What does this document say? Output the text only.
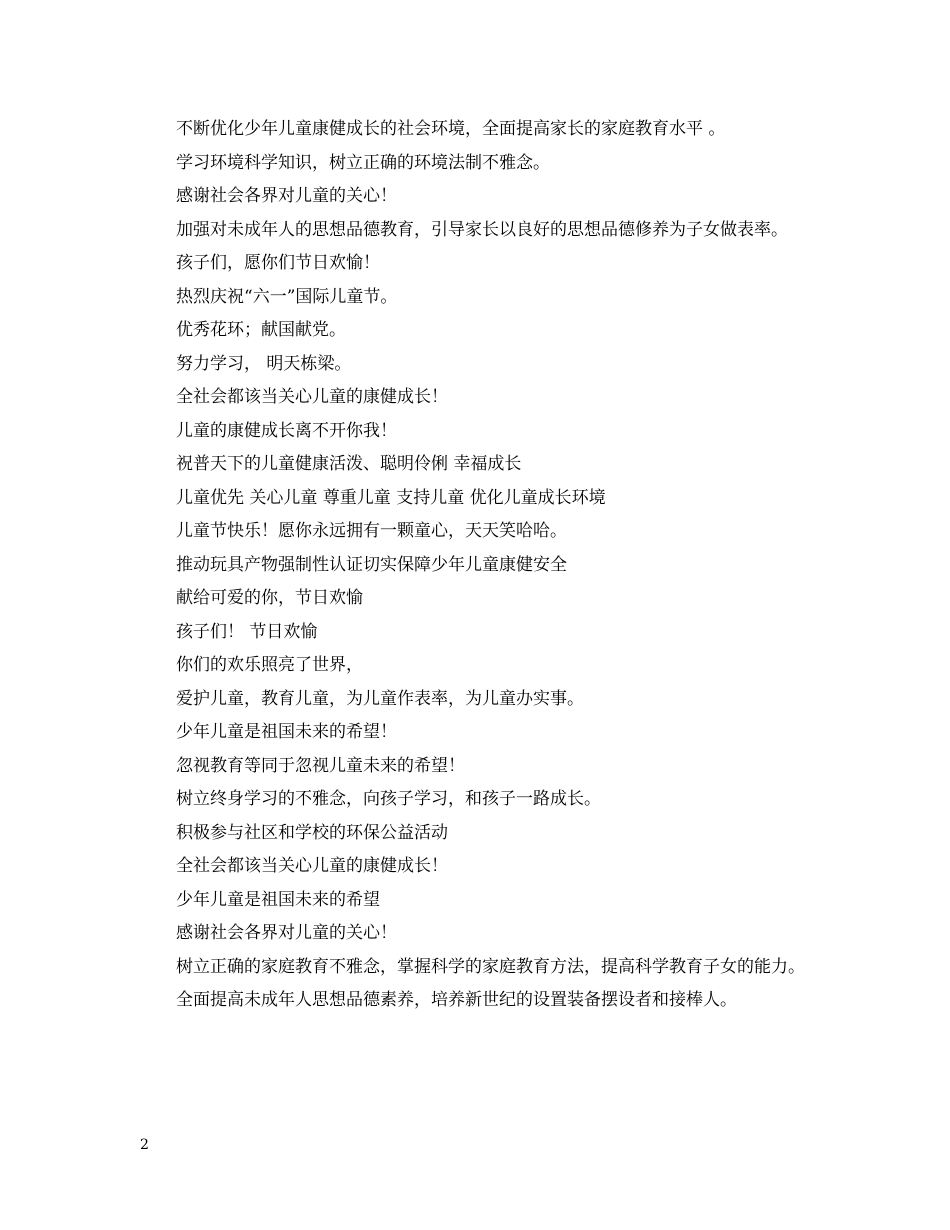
不断优化少年儿童康健成长的社会环境，全面提高家长的家庭教育水平 。

学习环境科学知识，树立正确的环境法制不雅念。

感谢社会各界对儿童的关心！

加强对未成年人的思想品德教育，引导家长以良好的思想品德修养为子女做表率。

孩子们，愿你们节日欢愉！

热烈庆祝“六一”国际儿童节。

优秀花环；献国献党。

努力学习， 明天栋梁。

全社会都该当关心儿童的康健成长！

儿童的康健成长离不开你我！

祝普天下的儿童健康活泼、聪明伶俐 幸福成长

儿童优先 关心儿童 尊重儿童 支持儿童 优化儿童成长环境

儿童节快乐！愿你永远拥有一颗童心，天天笑哈哈。

推动玩具产物强制性认证切实保障少年儿童康健安全

献给可爱的你，节日欢愉

孩子们！ 节日欢愉

你们的欢乐照亮了世界，

爱护儿童，教育儿童，为儿童作表率，为儿童办实事。

少年儿童是祖国未来的希望！

忽视教育等同于忽视儿童未来的希望！

树立终身学习的不雅念，向孩子学习，和孩子一路成长。

积极参与社区和学校的环保公益活动

全社会都该当关心儿童的康健成长！

少年儿童是祖国未来的希望

感谢社会各界对儿童的关心！

树立正确的家庭教育不雅念，掌握科学的家庭教育方法，提高科学教育子女的能力。

全面提高未成年人思想品德素养，培养新世纪的设置装备摆设者和接棒人。

2
